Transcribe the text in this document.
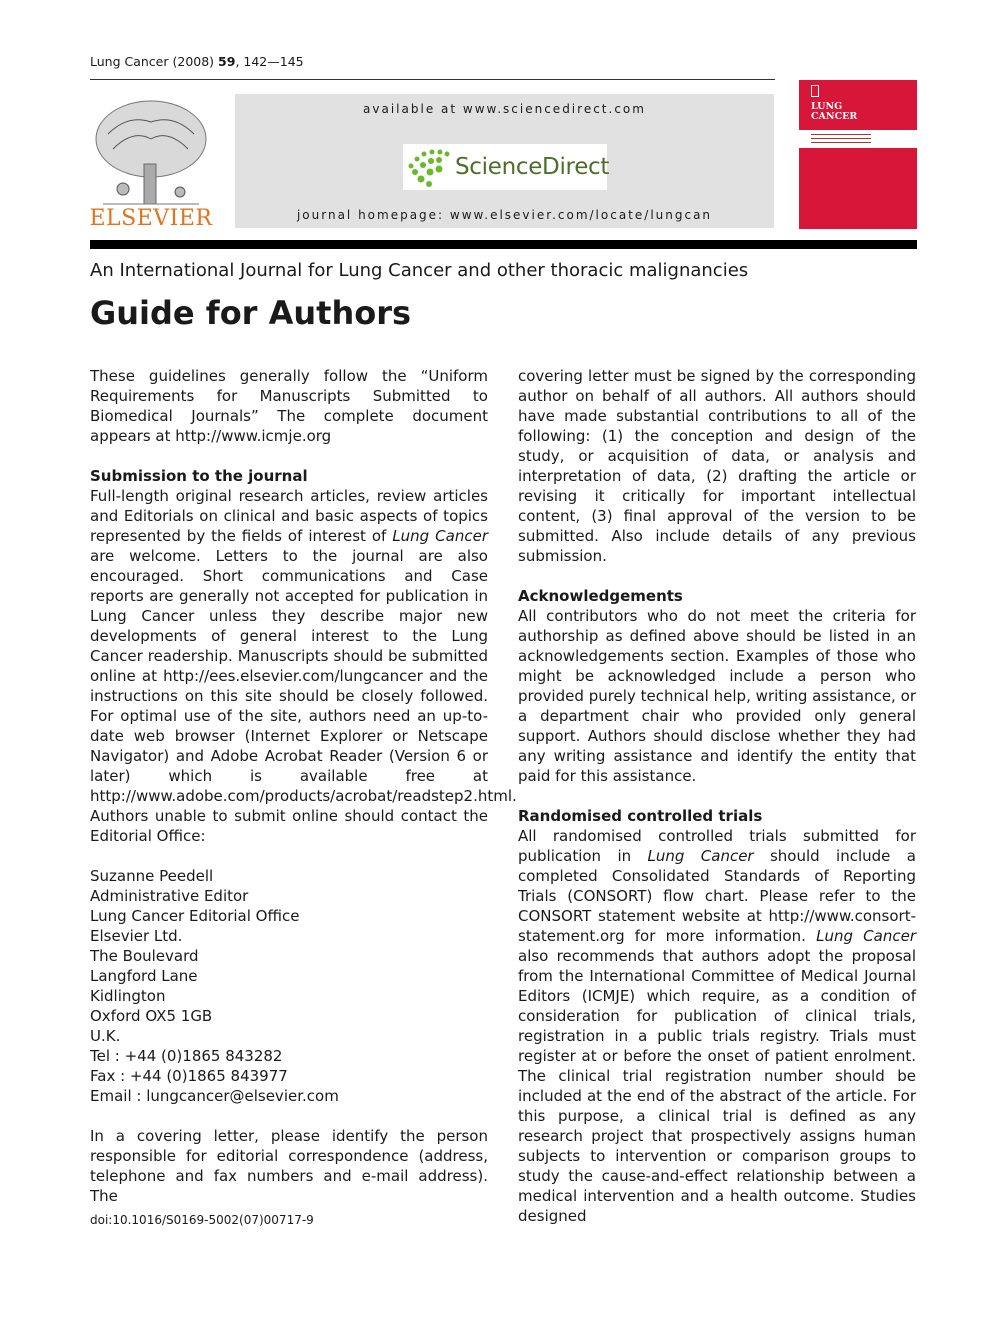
Lung Cancer (2008) 59, 142—145
ELSEVIER
available at www.sciencedirect.com
ScienceDirect
journal homepage: www.elsevier.com/locate/lungcan
LUNG
CANCER
An International Journal for Lung Cancer and other thoracic malignancies
Guide for Authors

These guidelines generally follow the “Uniform Requirements for Manuscripts Submitted to Biomedical Journals” The complete document appears at http://www.icmje.org

Submission to the journal

Full-length original research articles, review articles and Editorials on clinical and basic aspects of topics represented by the fields of interest of Lung Cancer are welcome. Letters to the journal are also encouraged. Short communications and Case reports are generally not accepted for publication in Lung Cancer unless they describe major new developments of general interest to the Lung Cancer readership. Manuscripts should be submitted online at http://ees.elsevier.com/lungcancer and the instructions on this site should be closely followed. For optimal use of the site, authors need an up-to-date web browser (Internet Explorer or Netscape Navigator) and Adobe Acrobat Reader (Version 6 or later) which is available free at http://www.adobe.com/products/acrobat/readstep2.html. Authors unable to submit online should contact the Editorial Office:

Suzanne Peedell
Administrative Editor
Lung Cancer Editorial Office
Elsevier Ltd.
The Boulevard
Langford Lane
Kidlington
Oxford OX5 1GB
U.K.
Tel : +44 (0)1865 843282
Fax : +44 (0)1865 843977
Email : lungcancer@elsevier.com

In a covering letter, please identify the person responsible for editorial correspondence (address, telephone and fax numbers and e-mail address). The

covering letter must be signed by the corresponding author on behalf of all authors. All authors should have made substantial contributions to all of the following: (1) the conception and design of the study, or acquisition of data, or analysis and interpretation of data, (2) drafting the article or revising it critically for important intellectual content, (3) final approval of the version to be submitted. Also include details of any previous submission.

Acknowledgements

All contributors who do not meet the criteria for authorship as defined above should be listed in an acknowledgements section. Examples of those who might be acknowledged include a person who provided purely technical help, writing assistance, or a department chair who provided only general support. Authors should disclose whether they had any writing assistance and identify the entity that paid for this assistance.

Randomised controlled trials

All randomised controlled trials submitted for publication in Lung Cancer should include a completed Consolidated Standards of Reporting Trials (CONSORT) flow chart. Please refer to the CONSORT statement website at http://www.consort-statement.org for more information. Lung Cancer also recommends that authors adopt the proposal from the International Committee of Medical Journal Editors (ICMJE) which require, as a condition of consideration for publication of clinical trials, registration in a public trials registry. Trials must register at or before the onset of patient enrolment. The clinical trial registration number should be included at the end of the abstract of the article. For this purpose, a clinical trial is defined as any research project that prospectively assigns human subjects to intervention or comparison groups to study the cause-and-effect relationship between a medical intervention and a health outcome. Studies designed

doi:10.1016/S0169-5002(07)00717-9
